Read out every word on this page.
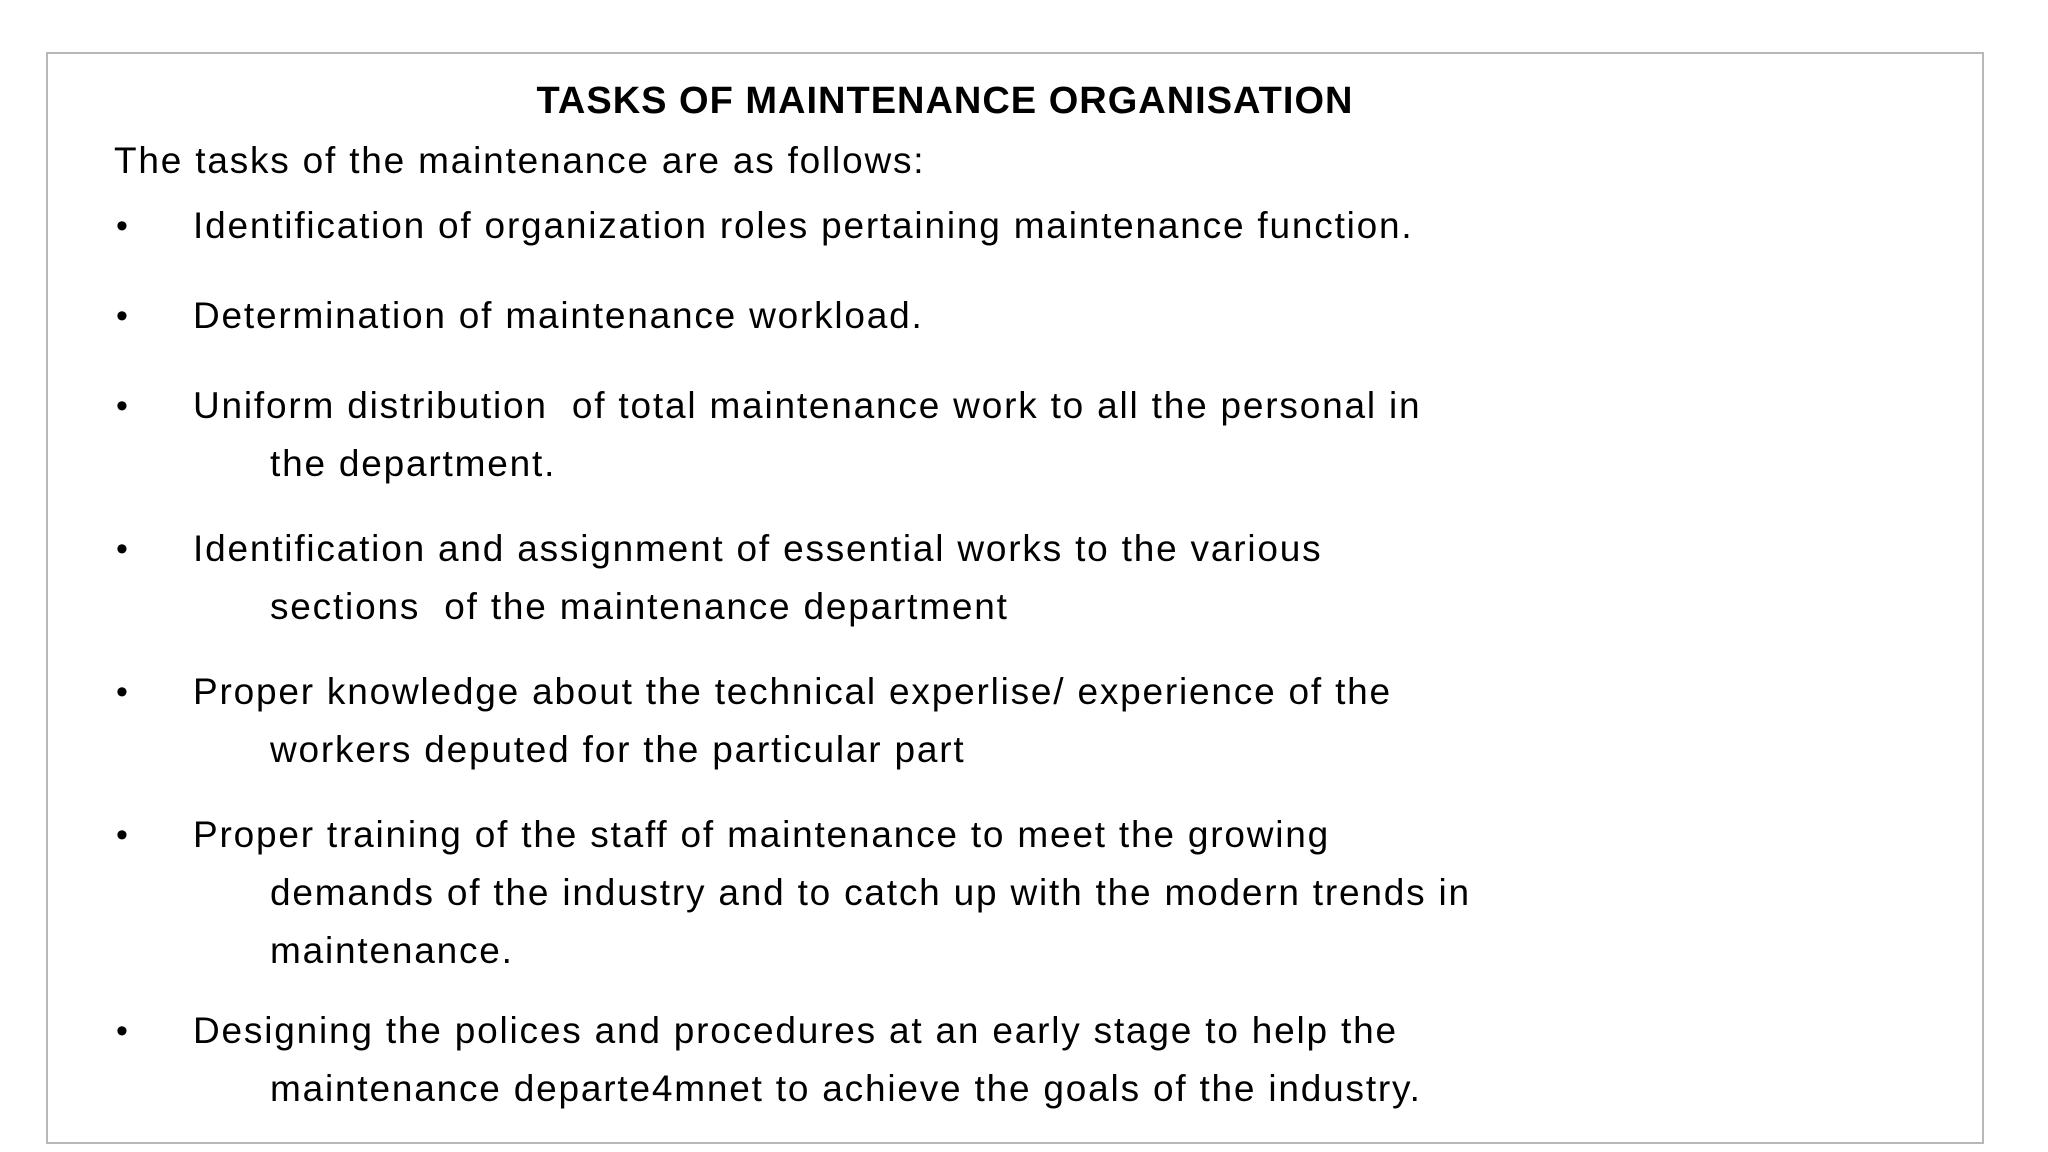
TASKS OF MAINTENANCE ORGANISATION
The tasks of the maintenance are as follows:
• Identification of organization roles pertaining maintenance function.
• Determination of maintenance workload.
• Uniform distribution  of total maintenance work to all the personal in
the department.
• Identification and assignment of essential works to the various
sections  of the maintenance department
• Proper knowledge about the technical experlise/ experience of the
workers deputed for the particular part
• Proper training of the staff of maintenance to meet the growing
demands of the industry and to catch up with the modern trends in
maintenance.
• Designing the polices and procedures at an early stage to help the
maintenance departe4mnet to achieve the goals of the industry.
